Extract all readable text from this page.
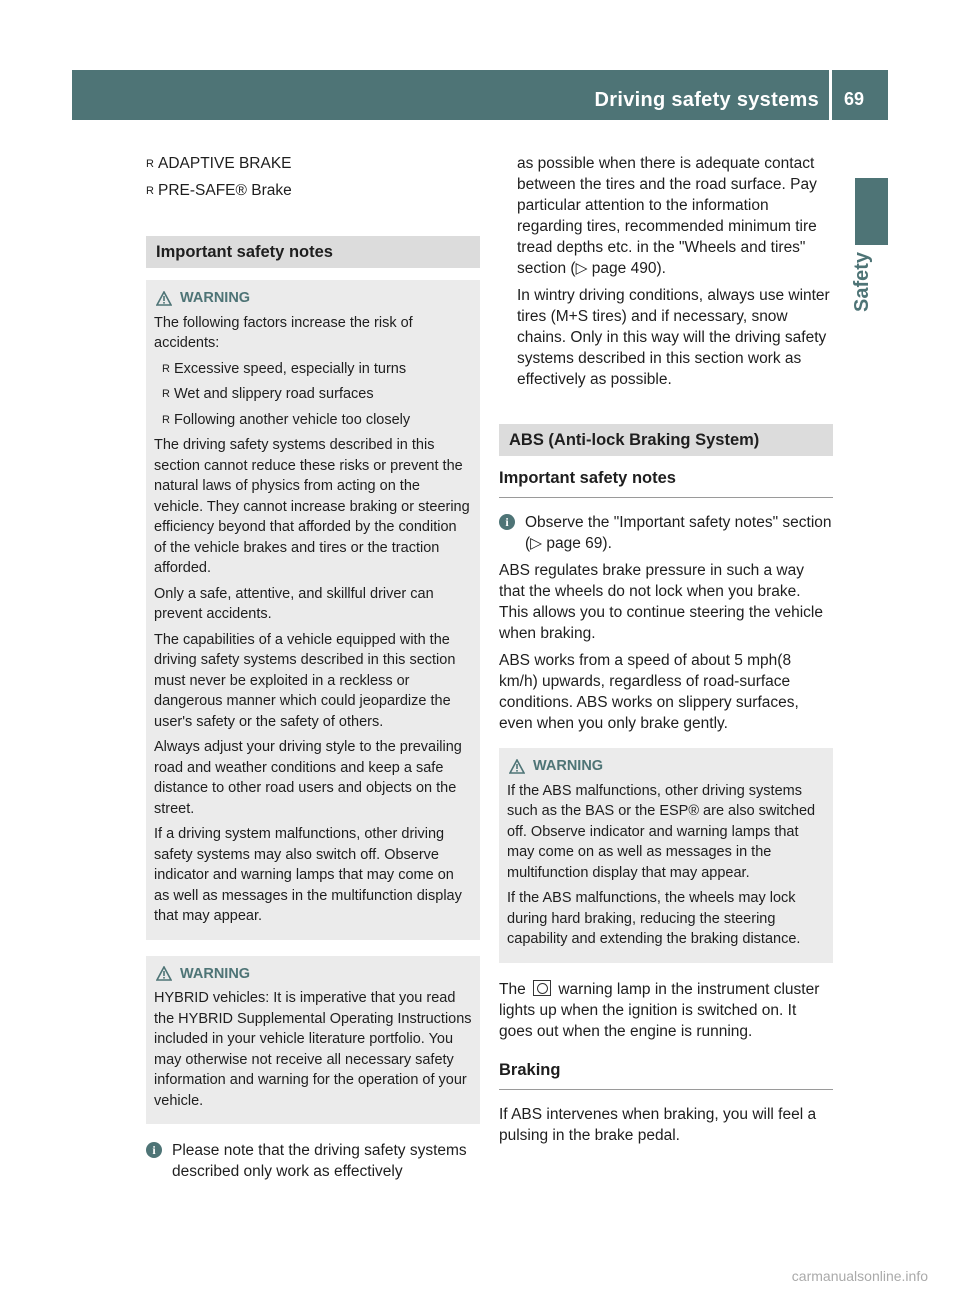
Driving safety systems	69
Safety

R ADAPTIVE BRAKE

R PRE-SAFE® Brake

Important safety notes
WARNING

The following factors increase the risk of accidents:

R Excessive speed, especially in turns

R Wet and slippery road surfaces

R Following another vehicle too closely

The driving safety systems described in this section cannot reduce these risks or prevent the natural laws of physics from acting on the vehicle. They cannot increase braking or steering efficiency beyond that afforded by the condition of the vehicle brakes and tires or the traction afforded.

Only a safe, attentive, and skillful driver can prevent accidents.

The capabilities of a vehicle equipped with the driving safety systems described in this section must never be exploited in a reckless or dangerous manner which could jeopardize the user's safety or the safety of others.

Always adjust your driving style to the prevailing road and weather conditions and keep a safe distance to other road users and objects on the street.

If a driving system malfunctions, other driving safety systems may also switch off. Observe indicator and warning lamps that may come on as well as messages in the multifunction display that may appear.

WARNING

HYBRID vehicles: It is imperative that you read the HYBRID Supplemental Operating Instructions included in your vehicle literature portfolio. You may otherwise not receive all necessary safety information and warning for the operation of your vehicle.

i	Please note that the driving safety systems described only work as effectively

as possible when there is adequate contact between the tires and the road surface. Pay particular attention to the information regarding tires, recommended minimum tire tread depths etc. in the "Wheels and tires" section (▷ page 490).

In wintry driving conditions, always use winter tires (M+S tires) and if necessary, snow chains. Only in this way will the driving safety systems described in this section work as effectively as possible.

ABS (Anti-lock Braking System)
Important safety notes

i	Observe the "Important safety notes" section (▷ page 69).

ABS regulates brake pressure in such a way that the wheels do not lock when you brake. This allows you to continue steering the vehicle when braking.

ABS works from a speed of about 5 mph(8 km/h) upwards, regardless of road-surface conditions. ABS works on slippery surfaces, even when you only brake gently.

WARNING

If the ABS malfunctions, other driving systems such as the BAS or the ESP® are also switched off. Observe indicator and warning lamps that may come on as well as messages in the multifunction display that may appear.

If the ABS malfunctions, the wheels may lock during hard braking, reducing the steering capability and extending the braking distance.

The warning lamp in the instrument cluster lights up when the ignition is switched on. It goes out when the engine is running.

Braking

If ABS intervenes when braking, you will feel a pulsing in the brake pedal.

carmanualsonline.info
